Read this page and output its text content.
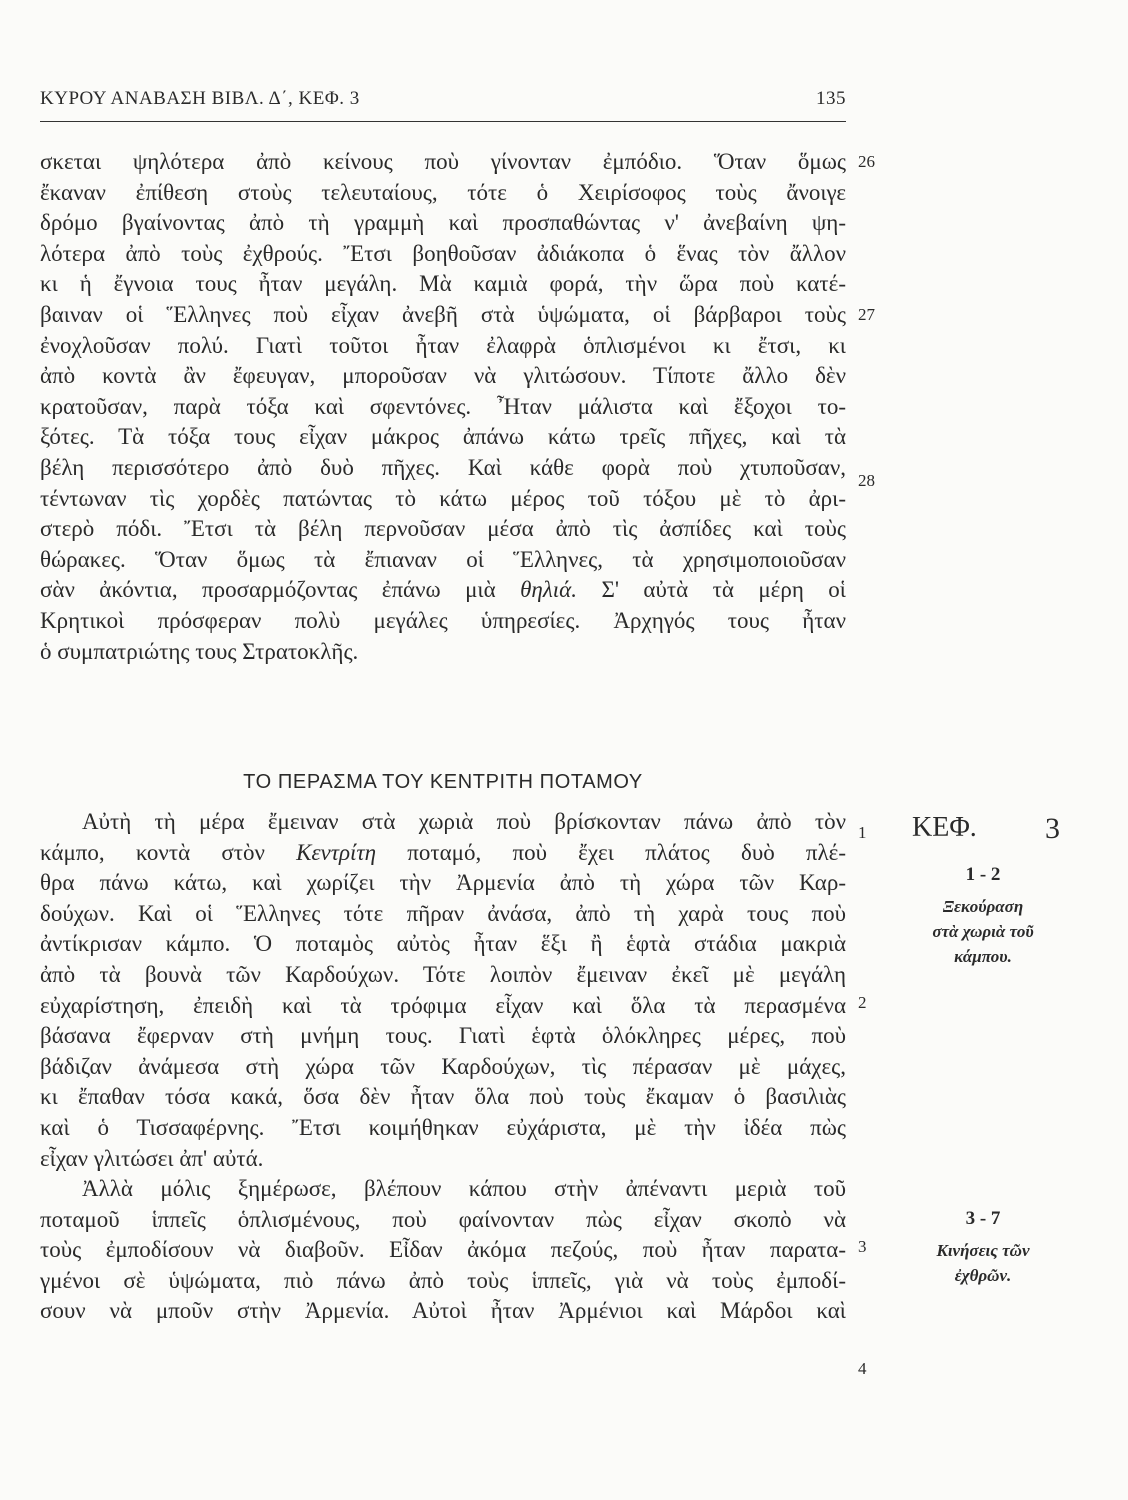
ΚΥΡΟΥ ΑΝΑΒΑΣΗ ΒΙΒΛ. Δ΄, ΚΕΦ. 3	135
σκεται ψηλότερα ἀπὸ κείνους ποὺ γίνονταν ἐμπόδιο. Ὅταν ὅμως
ἔκαναν ἐπίθεση στοὺς τελευταίους, τότε ὁ Χειρίσοφος τοὺς ἄνοιγε
δρόμο βγαίνοντας ἀπὸ τὴ γραμμὴ καὶ προσπαθώντας ν' ἀνεβαίνη ψη-
λότερα ἀπὸ τοὺς ἐχθρούς. Ἔτσι βοηθοῦσαν ἀδιάκοπα ὁ ἕνας τὸν ἄλλον
κι ἡ ἔγνοια τους ἦταν μεγάλη. Μὰ καμιὰ φορά, τὴν ὥρα ποὺ κατέ-
βαιναν οἱ Ἕλληνες ποὺ εἶχαν ἀνεβῆ στὰ ὑψώματα, οἱ βάρβαροι τοὺς
ἐνοχλοῦσαν πολύ. Γιατὶ τοῦτοι ἦταν ἐλαφρὰ ὁπλισμένοι κι ἔτσι, κι
ἀπὸ κοντὰ ἂν ἔφευγαν, μποροῦσαν νὰ γλιτώσουν. Τίποτε ἄλλο δὲν
κρατοῦσαν, παρὰ τόξα καὶ σφεντόνες. Ἦταν μάλιστα καὶ ἔξοχοι το-
ξότες. Τὰ τόξα τους εἶχαν μάκρος ἀπάνω κάτω τρεῖς πῆχες, καὶ τὰ
βέλη περισσότερο ἀπὸ δυὸ πῆχες. Καὶ κάθε φορὰ ποὺ χτυποῦσαν,
τέντωναν τὶς χορδὲς πατώντας τὸ κάτω μέρος τοῦ τόξου μὲ τὸ ἀρι-
στερὸ πόδι. Ἔτσι τὰ βέλη περνοῦσαν μέσα ἀπὸ τὶς ἀσπίδες καὶ τοὺς
θώρακες. Ὅταν ὅμως τὰ ἔπιαναν οἱ Ἕλληνες, τὰ χρησιμοποιοῦσαν
σὰν ἀκόντια, προσαρμόζοντας ἐπάνω μιὰ θηλιά. Σ' αὐτὰ τὰ μέρη οἱ
Κρητικοὶ πρόσφεραν πολὺ μεγάλες ὑπηρεσίες. Ἀρχηγός τους ἦταν
ὁ συμπατριώτης τους Στρατοκλῆς.
ΤΟ ΠΕΡΑΣΜΑ ΤΟΥ ΚΕΝΤΡΙΤΗ ΠΟΤΑΜΟΥ
Αὐτὴ τὴ μέρα ἔμειναν στὰ χωριὰ ποὺ βρίσκονταν πάνω ἀπὸ τὸν
κάμπο, κοντὰ στὸν Κεντρίτη ποταμό, ποὺ ἔχει πλάτος δυὸ πλέ-
θρα πάνω κάτω, καὶ χωρίζει τὴν Ἀρμενία ἀπὸ τὴ χώρα τῶν Καρ-
δούχων. Καὶ οἱ Ἕλληνες τότε πῆραν ἀνάσα, ἀπὸ τὴ χαρὰ τους ποὺ
ἀντίκρισαν κάμπο. Ὁ ποταμὸς αὐτὸς ἦταν ἕξι ἢ ἑφτὰ στάδια μακριὰ
ἀπὸ τὰ βουνὰ τῶν Καρδούχων. Τότε λοιπὸν ἔμειναν ἐκεῖ μὲ μεγάλη
εὐχαρίστηση, ἐπειδὴ καὶ τὰ τρόφιμα εἶχαν καὶ ὅλα τὰ περασμένα
βάσανα ἔφερναν στὴ μνήμη τους. Γιατὶ ἑφτὰ ὁλόκληρες μέρες, ποὺ
βάδιζαν ἀνάμεσα στὴ χώρα τῶν Καρδούχων, τὶς πέρασαν μὲ μάχες,
κι ἔπαθαν τόσα κακά, ὅσα δὲν ἦταν ὅλα ποὺ τοὺς ἔκαμαν ὁ βασιλιὰς
καὶ ὁ Τισσαφέρνης. Ἔτσι κοιμήθηκαν εὐχάριστα, μὲ τὴν ἰδέα πὼς
εἶχαν γλιτώσει ἀπ' αὐτά.
Ἀλλὰ μόλις ξημέρωσε, βλέπουν κάπου στὴν ἀπέναντι μεριὰ τοῦ
ποταμοῦ ἱππεῖς ὁπλισμένους, ποὺ φαίνονταν πὼς εἶχαν σκοπὸ νὰ
τοὺς ἐμποδίσουν νὰ διαβοῦν. Εἶδαν ἀκόμα πεζούς, ποὺ ἦταν παρατα-
γμένοι σὲ ὑψώματα, πιὸ πάνω ἀπὸ τοὺς ἱππεῖς, γιὰ νὰ τοὺς ἐμποδί-
σουν νὰ μποῦν στὴν Ἀρμενία. Αὐτοὶ ἦταν Ἀρμένιοι καὶ Μάρδοι καὶ
26
27
28
1
2
3
4
ΚΕΦ. 3
1 - 2
Ξεκούραση
στὰ χωριὰ τοῦ
κάμπου.
3 - 7
Κινήσεις τῶν
ἐχθρῶν.
